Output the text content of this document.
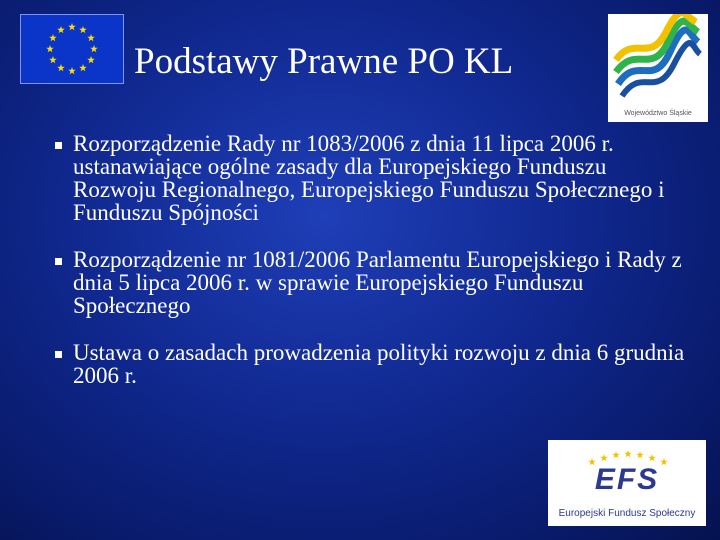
Podstawy Prawne PO KL
Województwo Śląskie
Rozporządzenie Rady nr 1083/2006 z dnia 11 lipca 2006 r. ustanawiające ogólne zasady dla Europejskiego Funduszu Rozwoju Regionalnego, Europejskiego Funduszu Społecznego i Funduszu Spójności
Rozporządzenie nr 1081/2006 Parlamentu Europejskiego i Rady z dnia 5 lipca 2006 r. w sprawie Europejskiego Funduszu Społecznego
Ustawa o zasadach prowadzenia polityki rozwoju z dnia 6 grudnia 2006 r.
EFS
Europejski Fundusz Społeczny
